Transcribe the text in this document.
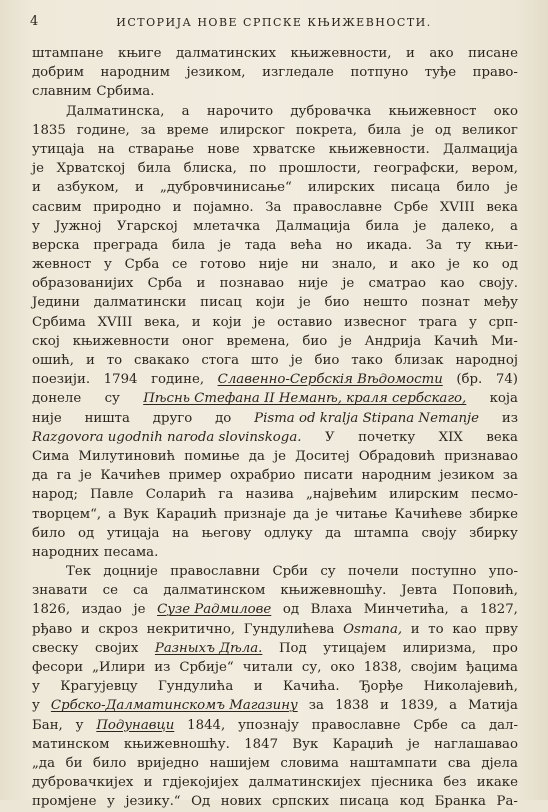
4	ИСТОРИЈА НОВЕ СРПСКЕ КЊИЖЕВНОСТИ.
штампане књиге далматинских књижевности, и ако писане
добрим народним језиком, изгледале потпуно туђе право-
славним Србима.
Далматинска, а нарочито дубровачка књижевност око
1835 године, за време илирског покрета, била је од великог
утицаја на стварање нове хрватске књижевности. Далмација
је Хрватској била блиска, по прошлости, географски, вером,
и азбуком, и „дубровчинисање“ илирских писаца било је
сасвим природно и појамно. За православне Србе XVIII века
у Јужној Угарској млетачка Далмација била је далеко, а
верска преграда била је тада већа но икада. За ту књи-
жевност у Срба се готово није ни знало, и ако је ко од
образованијих Срба и познавао није је сматрао као своју.
Једини далматински писац који је био нешто познат међу
Србима XVIII века, и који је оставио извесног трага у срп-
ској књижевности оног времена, био је Андрија Качић Ми-
ошић, и то свакако стога што је био тако близак народној
поезији. 1794 године, Славенно-Сербскія Вѣдомости (бр. 74)
донеле су Пѣснь Стефана II Неманѣ, краля сербскаго, која
није ништа друго до Pisma od kralja Stipana Nemanje из
Razgovora ugodnih naroda slovinskoga. У почетку XIX века
Сима Милутиновић помиње да је Доситеј Обрадовић признавао
да га је Качићев пример охрабрио писати народним језиком за
народ; Павле Соларић га назива „највећим илирским песмо-
творцем“, а Вук Караџић признаје да је читање Качићеве збирке
било од утицаја на његову одлуку да штампа своју збирку
народних песама.
Тек доцније православни Срби су почели поступно упо-
знавати се са далматинском књижевношћу. Јевта Поповић,
1826, издао је Сузе Радмилове од Влаха Минчетића, а 1827,
рђаво и скроз некритично, Гундулићева Osmana, и то као прву
свеску својих Разныхъ Дѣла. Под утицајем илиризма, про
фесори „Илири из Србије“ читали су, око 1838, својим ђацима
у Крагујевцу Гундулића и Качића. Ђорђе Николајевић,
у Србско-Далматинскомъ Магазину за 1838 и 1839, а Матија
Бан, у Подунавци 1844, упознају православне Србе са дал-
матинском књижевношћу. 1847 Вук Караџић је наглашавао
„да би било вриједно нашијем словима наштампати сва дјела
дубровачкијех и гдјекојијех далматинскијех пјесника без икаке
промјене у језику.“ Од нових српских писаца код Бранка Ра-
